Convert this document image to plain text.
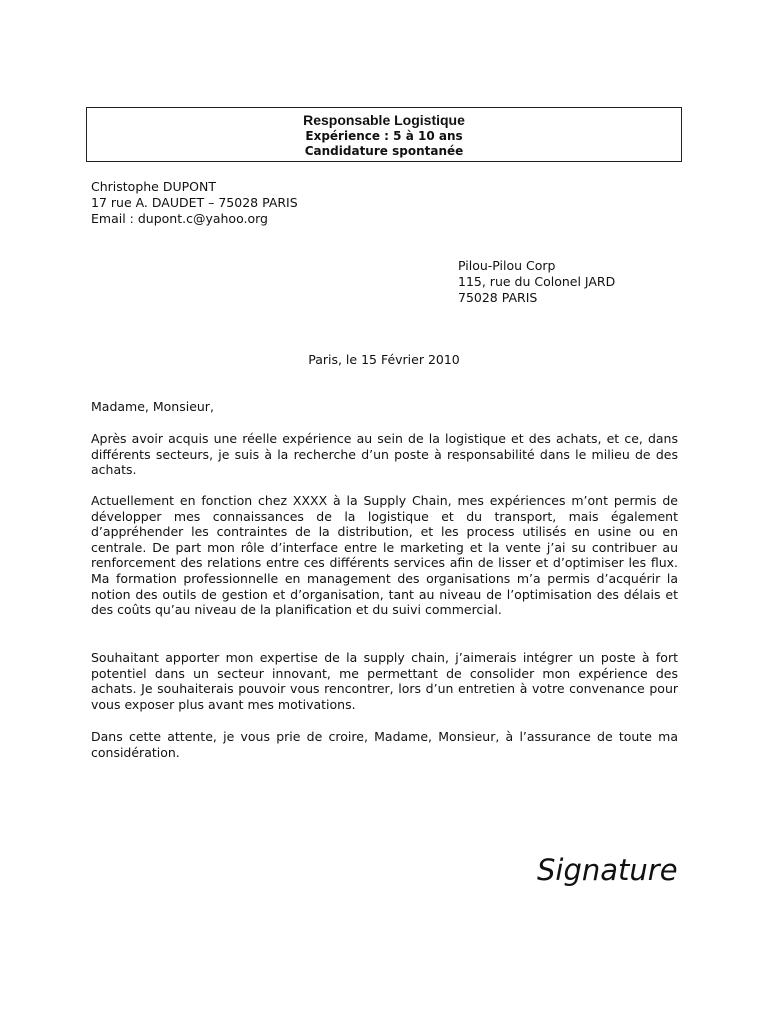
Responsable Logistique
Expérience : 5 à 10 ans
Candidature spontanée
Christophe DUPONT
17 rue A. DAUDET – 75028 PARIS
Email : dupont.c@yahoo.org
Pilou-Pilou Corp
115, rue du Colonel JARD
75028 PARIS
Paris, le 15 Février 2010
Madame, Monsieur,
Après avoir acquis une réelle expérience au sein de la logistique et des achats, et ce, dans différents secteurs, je suis à la recherche d’un poste à responsabilité dans le milieu de des achats.
Actuellement en fonction chez XXXX à la Supply Chain, mes expériences m’ont permis de développer mes connaissances de la logistique et du transport, mais également d’appréhender les contraintes de la distribution, et les process utilisés en usine ou en centrale. De part mon rôle d’interface entre le marketing et la vente j’ai su contribuer au renforcement des relations entre ces différents services afin de lisser et d’optimiser les flux. Ma formation professionnelle en management des organisations m’a permis d’acquérir la notion des outils de gestion et d’organisation, tant au niveau de l’optimisation des délais et des coûts qu’au niveau de la planification et du suivi commercial.
Souhaitant apporter mon expertise de la supply chain, j’aimerais intégrer un poste à fort potentiel dans un secteur innovant, me permettant de consolider mon expérience des achats. Je souhaiterais pouvoir vous rencontrer, lors d’un entretien à votre convenance pour vous exposer plus avant mes motivations.
Dans cette attente, je vous prie de croire, Madame, Monsieur, à l’assurance de toute ma considération.
Signature
